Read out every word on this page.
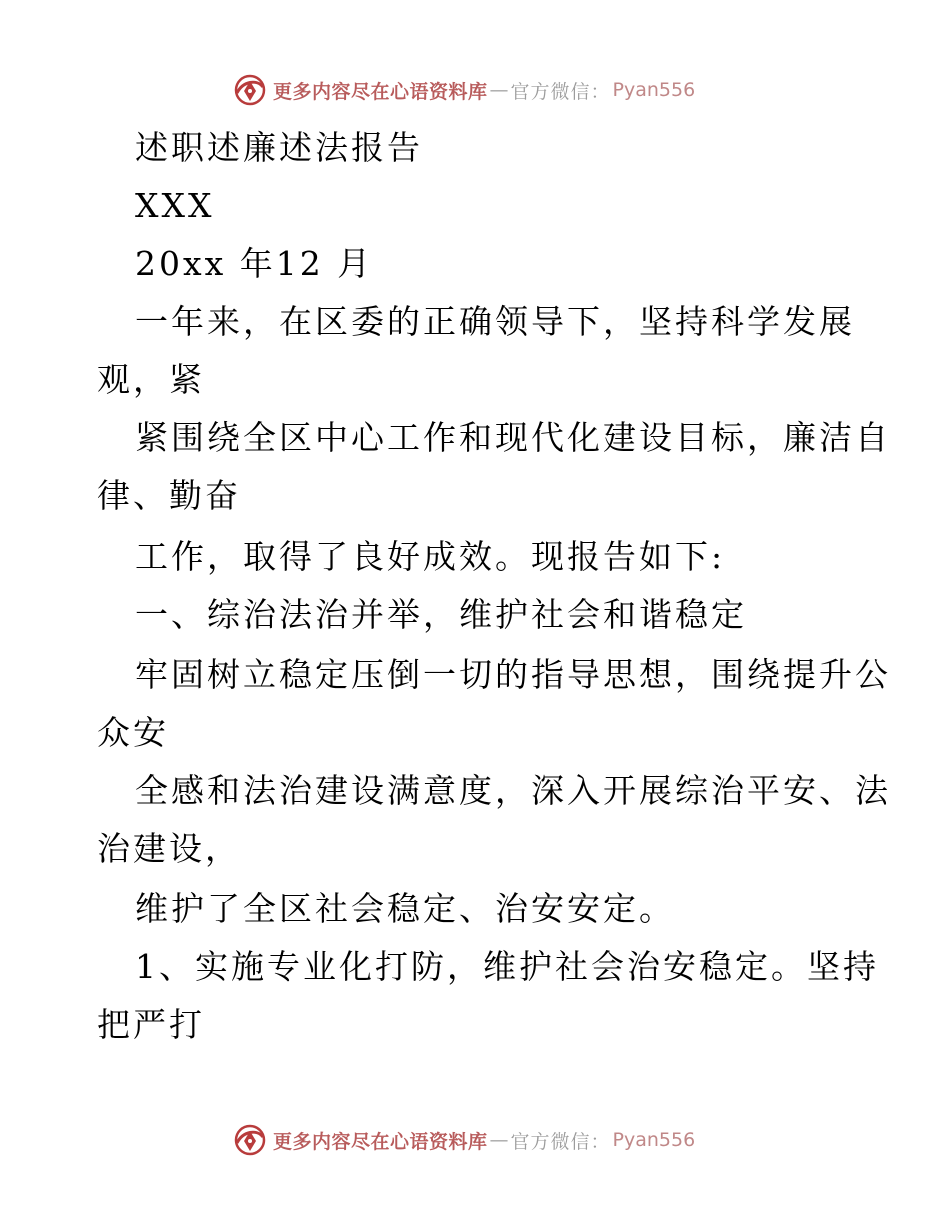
更多内容尽在心语资料库 — 官方微信： Pyan556
述职述廉述法报告
XXX
20xx 年12 月
一年来，在区委的正确领导下，坚持科学发展
观，紧
紧围绕全区中心工作和现代化建设目标，廉洁自
律、勤奋
工作，取得了良好成效。现报告如下:
一、综治法治并举，维护社会和谐稳定
牢固树立稳定压倒一切的指导思想，围绕提升公
众安
全感和法治建设满意度，深入开展综治平安、法
治建设，
维护了全区社会稳定、治安安定。
1、实施专业化打防，维护社会治安稳定。坚持
把严打
更多内容尽在心语资料库 — 官方微信： Pyan556
